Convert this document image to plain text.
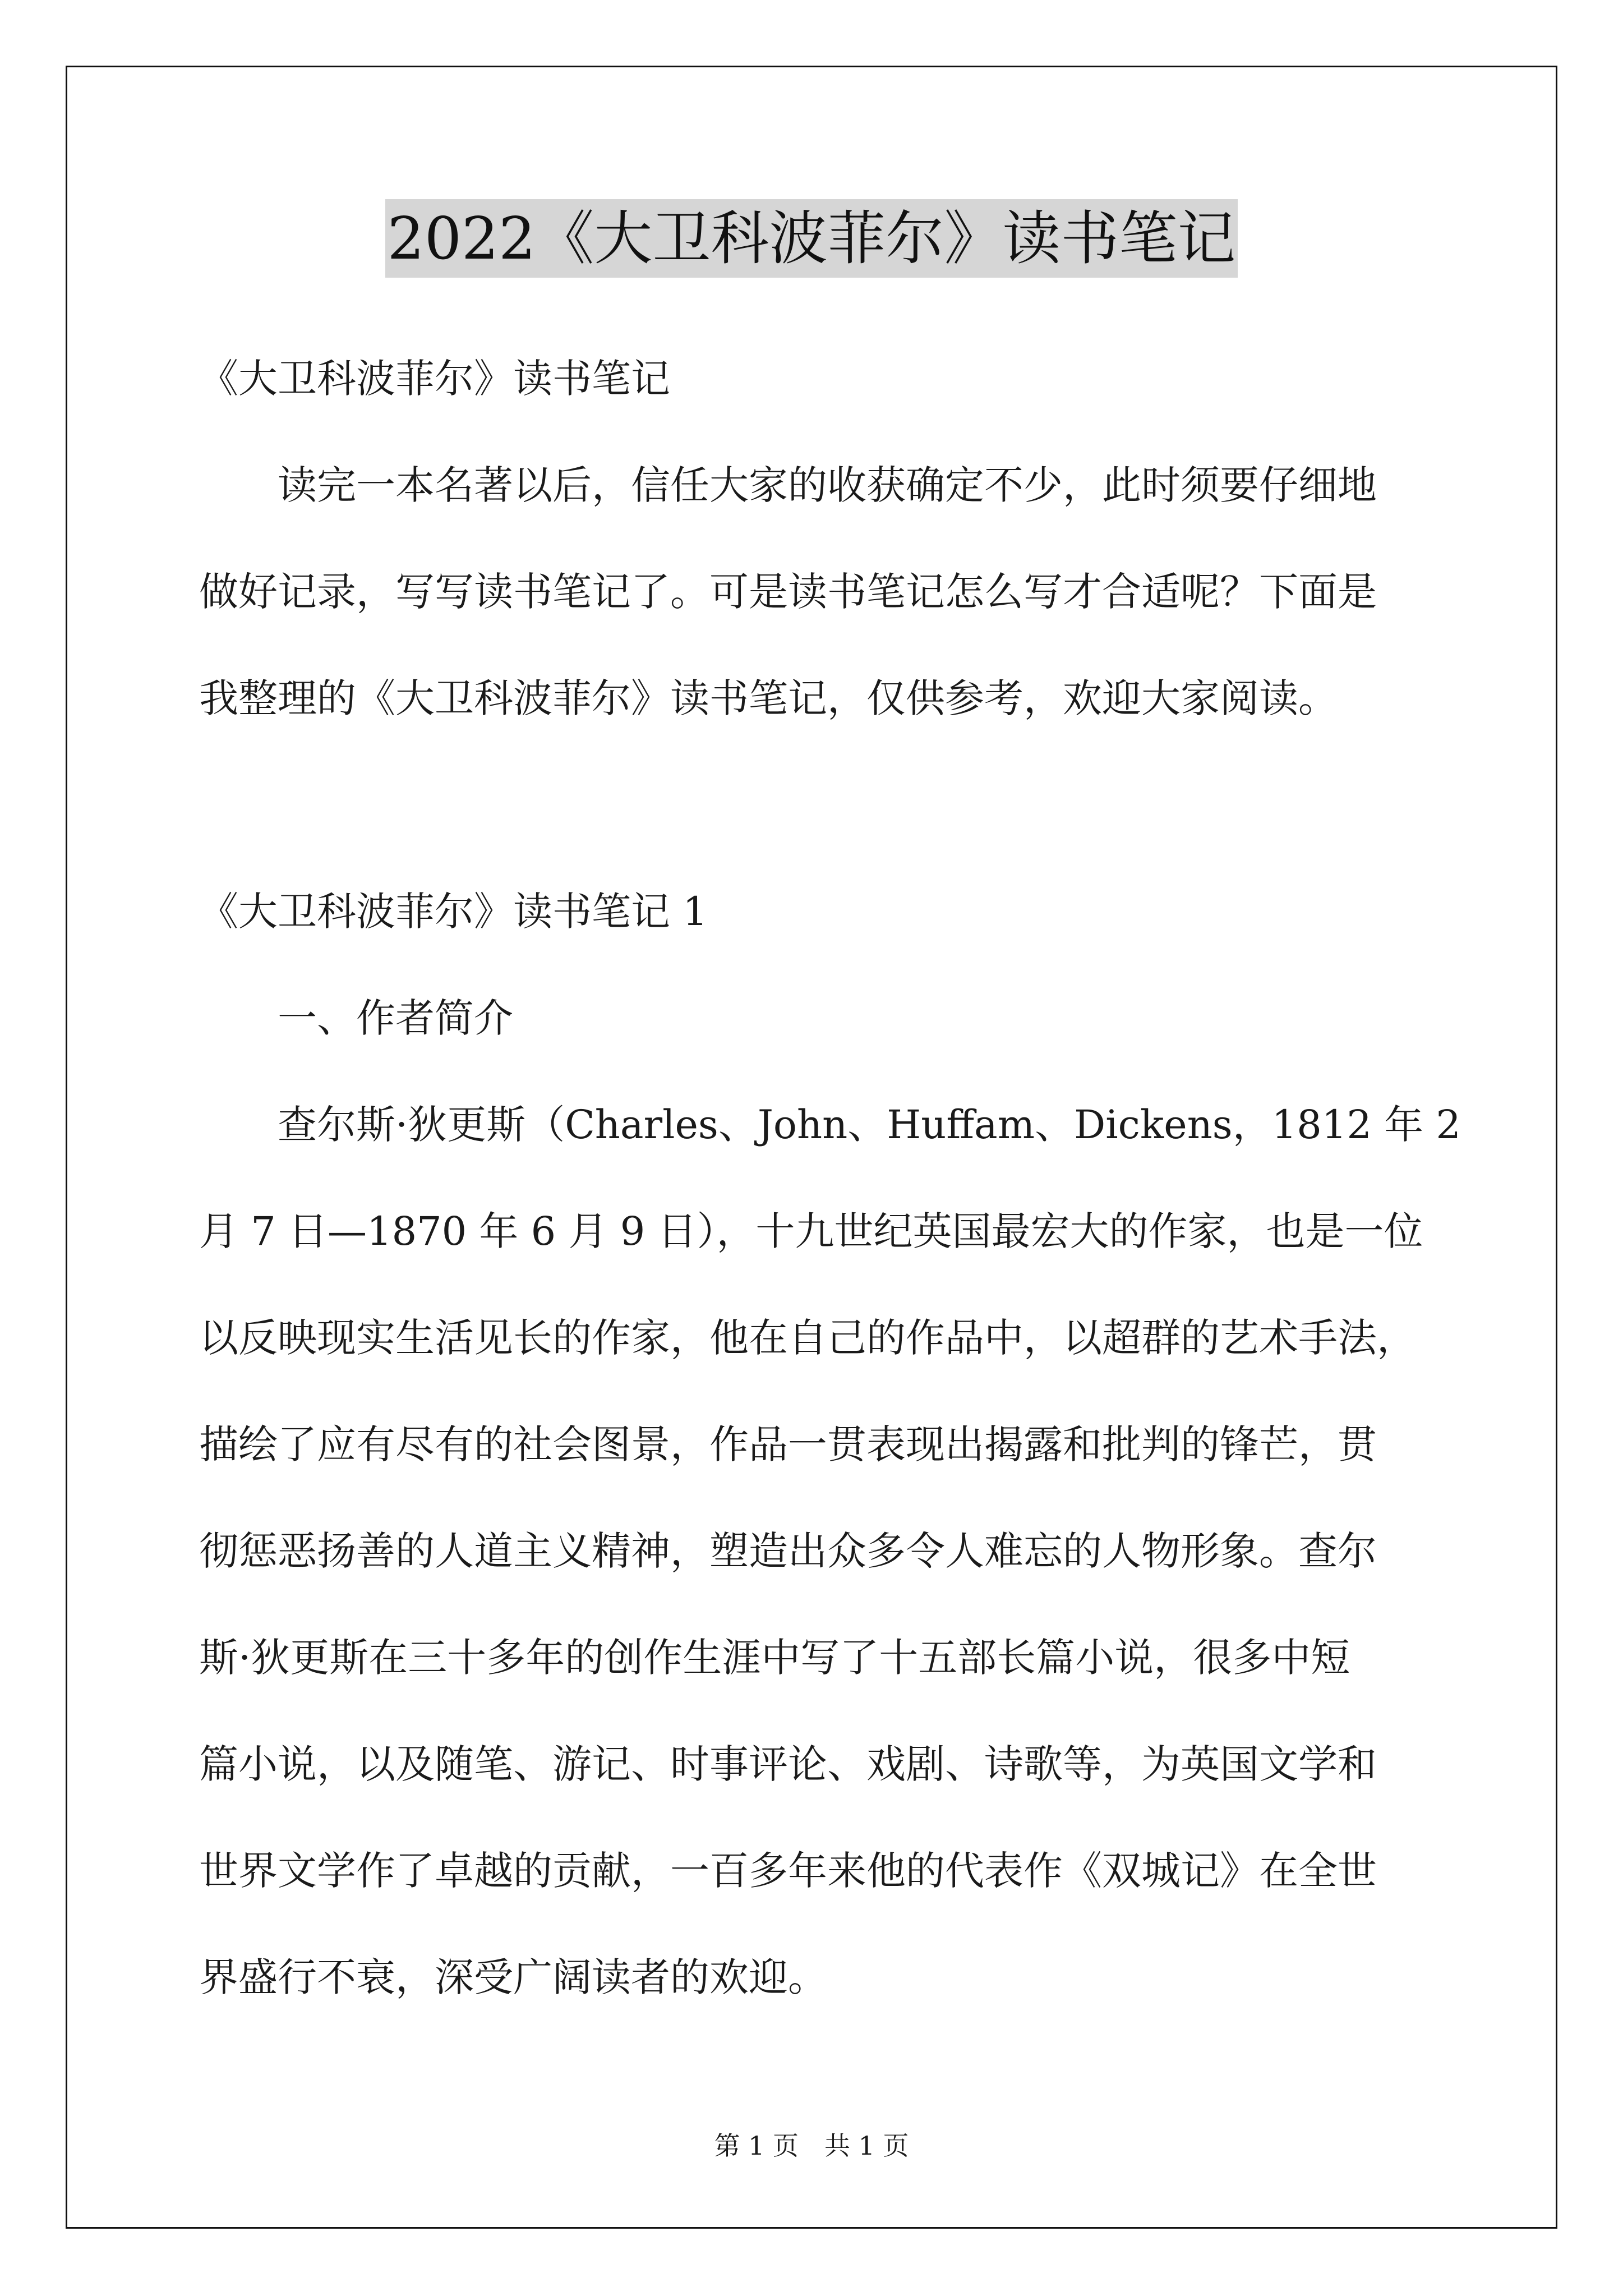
2022《大卫科波菲尔》读书笔记
《大卫科波菲尔》读书笔记
读完一本名著以后，信任大家的收获确定不少，此时须要仔细地
做好记录，写写读书笔记了。可是读书笔记怎么写才合适呢？下面是
我整理的《大卫科波菲尔》读书笔记，仅供参考，欢迎大家阅读。
《大卫科波菲尔》读书笔记 1
一、作者简介
查尔斯·狄更斯（Charles、John、Huffam、Dickens，1812 年 2
月 7 日—1870 年 6 月 9 日），十九世纪英国最宏大的作家，也是一位
以反映现实生活见长的作家，他在自己的作品中，以超群的艺术手法，
描绘了应有尽有的社会图景，作品一贯表现出揭露和批判的锋芒，贯
彻惩恶扬善的人道主义精神，塑造出众多令人难忘的人物形象。查尔
斯·狄更斯在三十多年的创作生涯中写了十五部长篇小说，很多中短
篇小说，以及随笔、游记、时事评论、戏剧、诗歌等，为英国文学和
世界文学作了卓越的贡献，一百多年来他的代表作《双城记》在全世
界盛行不衰，深受广阔读者的欢迎。
第 1 页　共 1 页
